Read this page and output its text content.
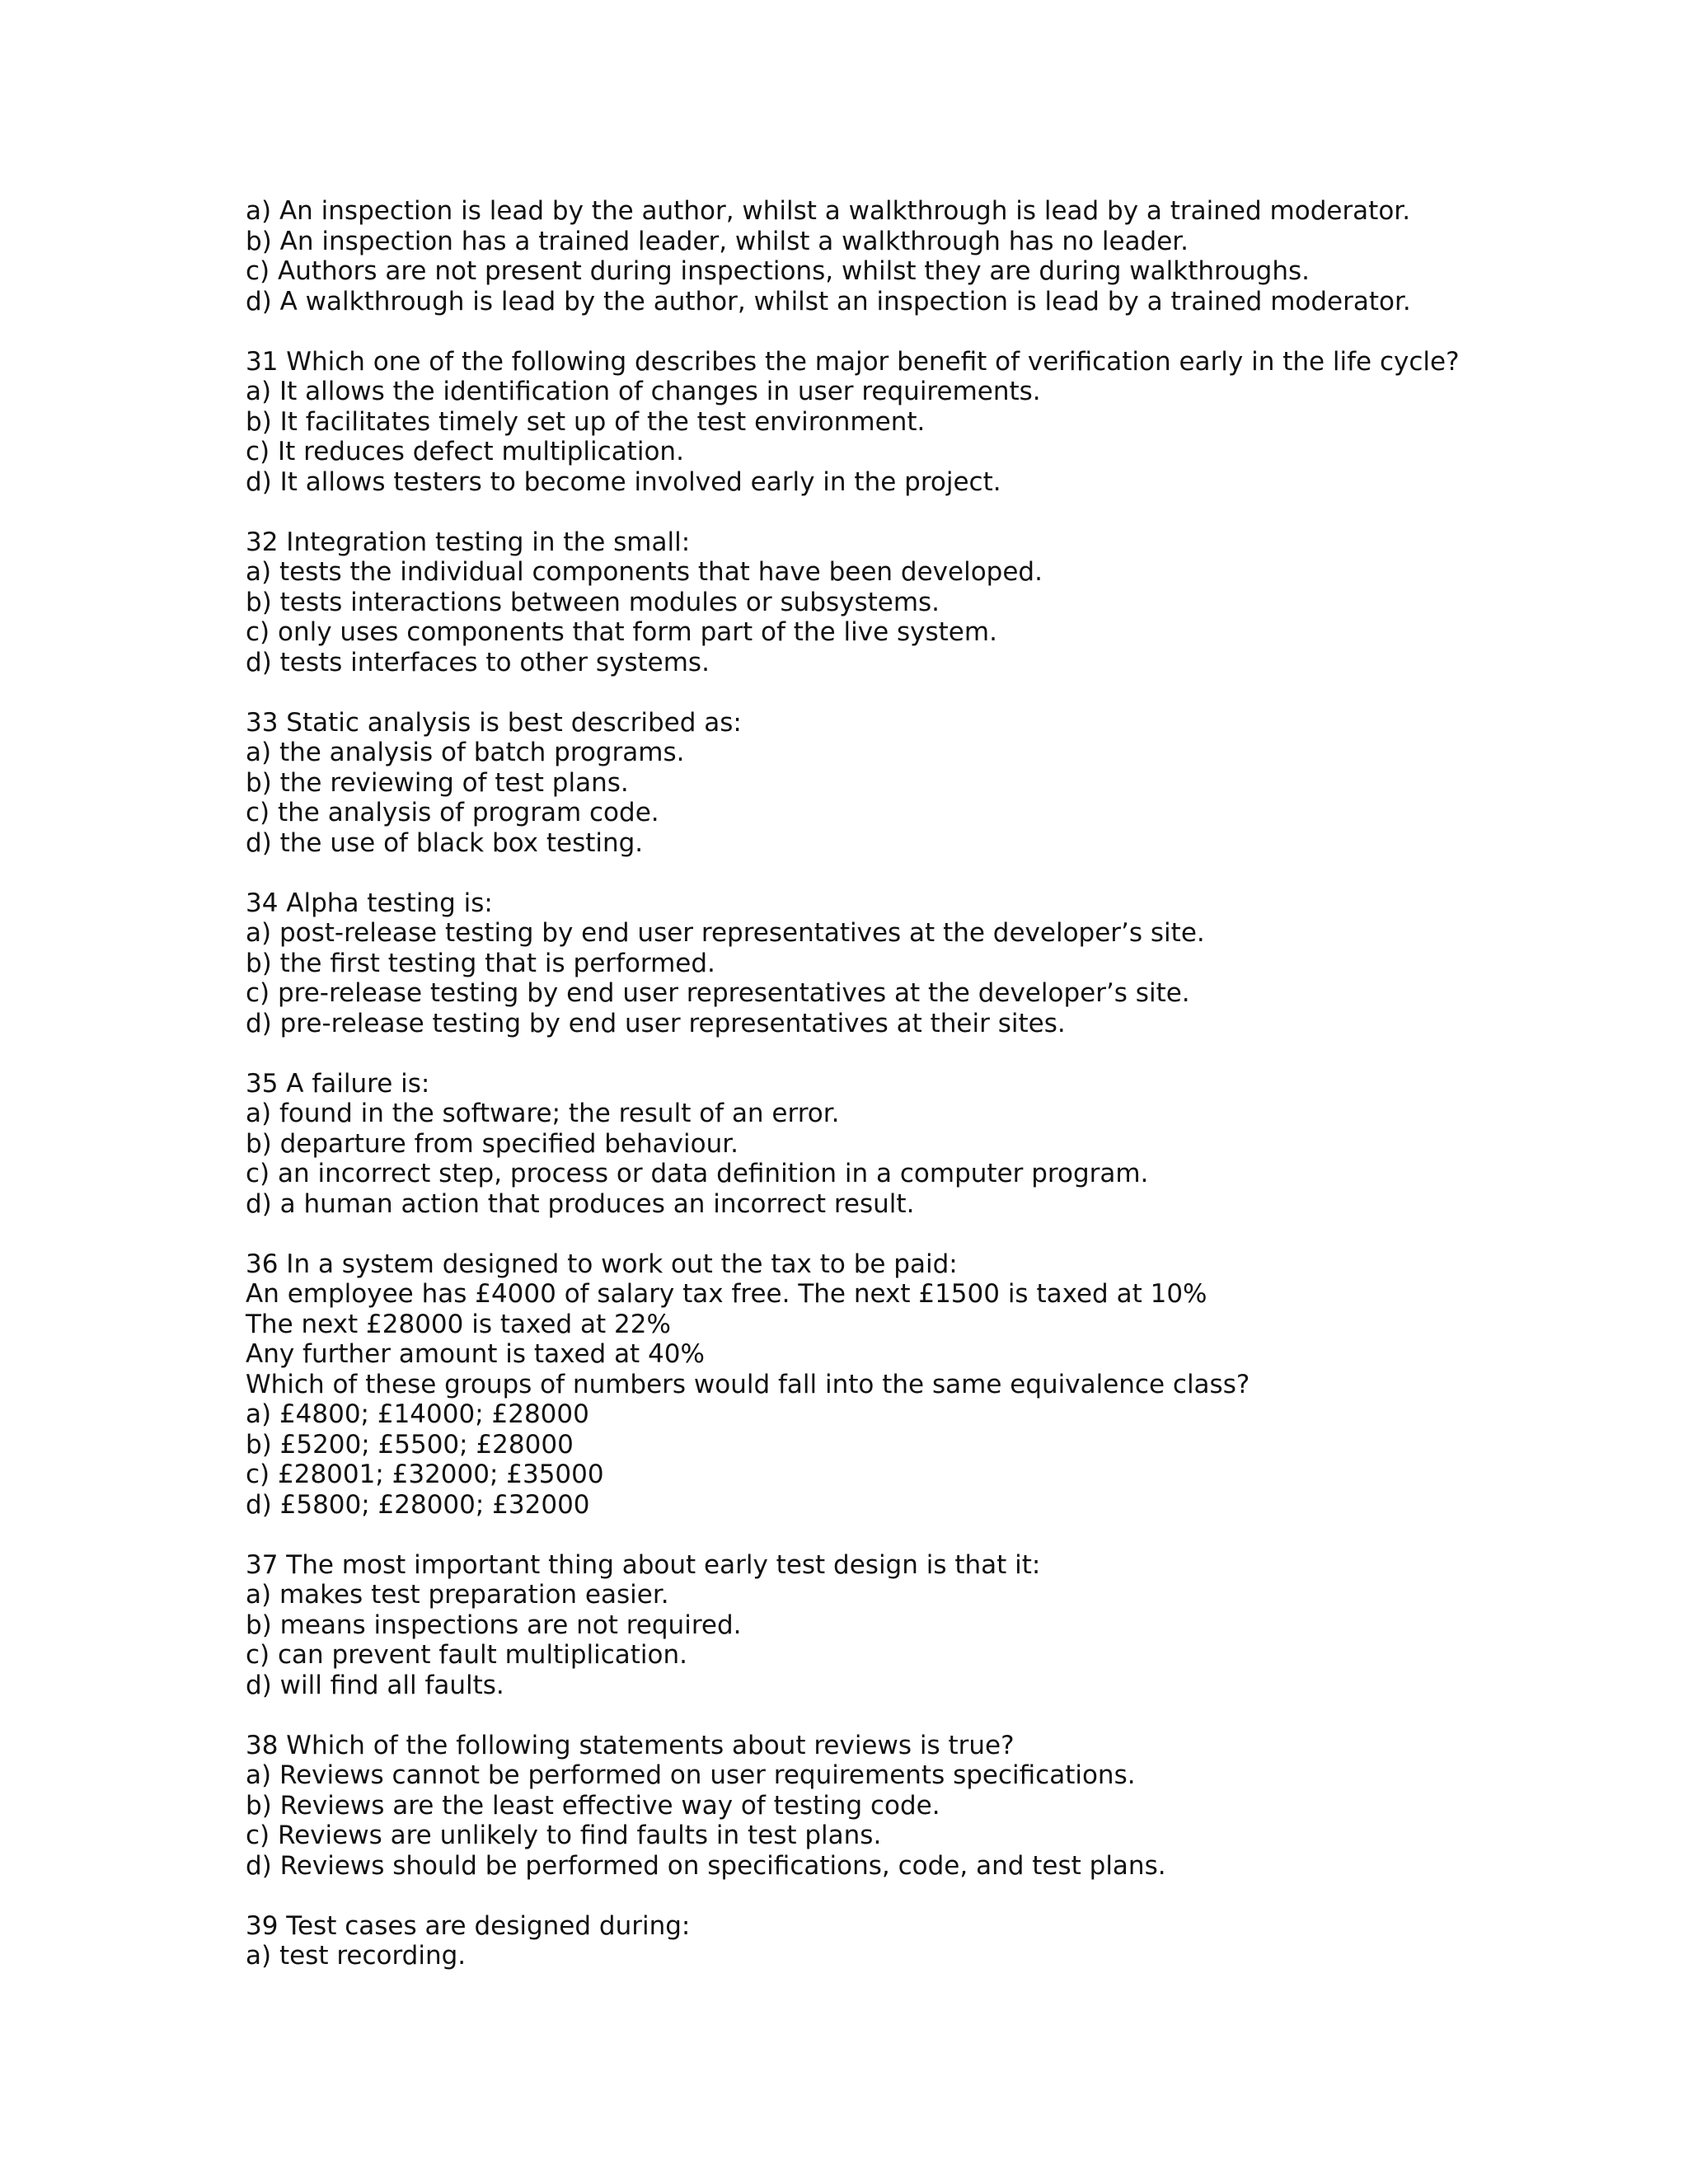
a) An inspection is lead by the author, whilst a walkthrough is lead by a trained moderator.
b) An inspection has a trained leader, whilst a walkthrough has no leader.
c) Authors are not present during inspections, whilst they are during walkthroughs.
d) A walkthrough is lead by the author, whilst an inspection is lead by a trained moderator.
31 Which one of the following describes the major benefit of verification early in the life cycle?
a) It allows the identification of changes in user requirements.
b) It facilitates timely set up of the test environment.
c) It reduces defect multiplication.
d) It allows testers to become involved early in the project.
32 Integration testing in the small:
a) tests the individual components that have been developed.
b) tests interactions between modules or subsystems.
c) only uses components that form part of the live system.
d) tests interfaces to other systems.
33 Static analysis is best described as:
a) the analysis of batch programs.
b) the reviewing of test plans.
c) the analysis of program code.
d) the use of black box testing.
34 Alpha testing is:
a) post-release testing by end user representatives at the developer’s site.
b) the first testing that is performed.
c) pre-release testing by end user representatives at the developer’s site.
d) pre-release testing by end user representatives at their sites.
35 A failure is:
a) found in the software; the result of an error.
b) departure from specified behaviour.
c) an incorrect step, process or data definition in a computer program.
d) a human action that produces an incorrect result.
36 In a system designed to work out the tax to be paid:
An employee has £4000 of salary tax free. The next £1500 is taxed at 10%
The next £28000 is taxed at 22%
Any further amount is taxed at 40%
Which of these groups of numbers would fall into the same equivalence class?
a) £4800; £14000; £28000
b) £5200; £5500; £28000
c) £28001; £32000; £35000
d) £5800; £28000; £32000
37 The most important thing about early test design is that it:
a) makes test preparation easier.
b) means inspections are not required.
c) can prevent fault multiplication.
d) will find all faults.
38 Which of the following statements about reviews is true?
a) Reviews cannot be performed on user requirements specifications.
b) Reviews are the least effective way of testing code.
c) Reviews are unlikely to find faults in test plans.
d) Reviews should be performed on specifications, code, and test plans.
39 Test cases are designed during:
a) test recording.
